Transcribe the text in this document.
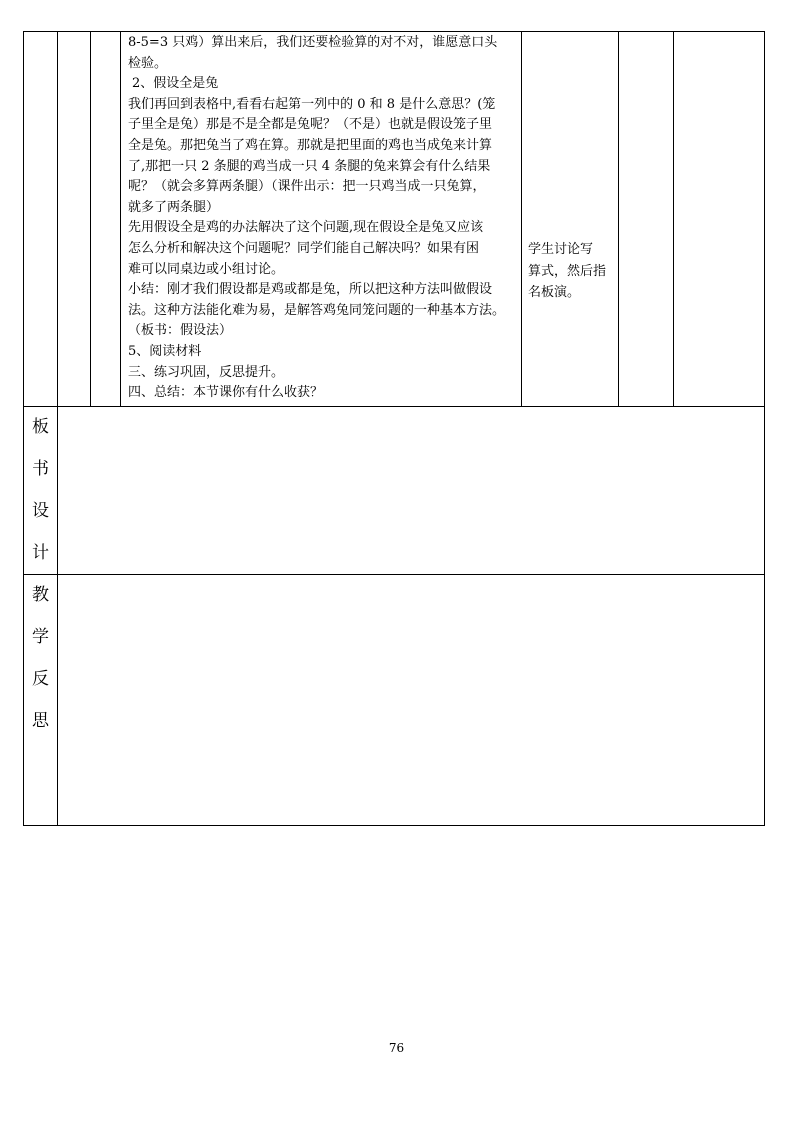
8-5=3 只鸡）算出来后，我们还要检验算的对不对，谁愿意口头
检验。
2、假设全是兔
我们再回到表格中,看看右起第一列中的 0 和 8 是什么意思？(笼
子里全是兔）那是不是全都是兔呢？（不是）也就是假设笼子里
全是兔。那把兔当了鸡在算。那就是把里面的鸡也当成兔来计算
了,那把一只 2 条腿的鸡当成一只 4 条腿的兔来算会有什么结果
呢？（就会多算两条腿）（课件出示：把一只鸡当成一只兔算，
就多了两条腿）
先用假设全是鸡的办法解决了这个问题,现在假设全是兔又应该
怎么分析和解决这个问题呢？同学们能自己解决吗？如果有困
难可以同桌边或小组讨论。
小结：刚才我们假设都是鸡或都是兔，所以把这种方法叫做假设
法。这种方法能化难为易，是解答鸡兔同笼问题的一种基本方法。
（板书：假设法）
5、阅读材料
三、练习巩固，反思提升。
四、总结：本节课你有什么收获？
学生讨论写
算式，然后指
名板演。
板
书
设
计
教
学
反
思
76
